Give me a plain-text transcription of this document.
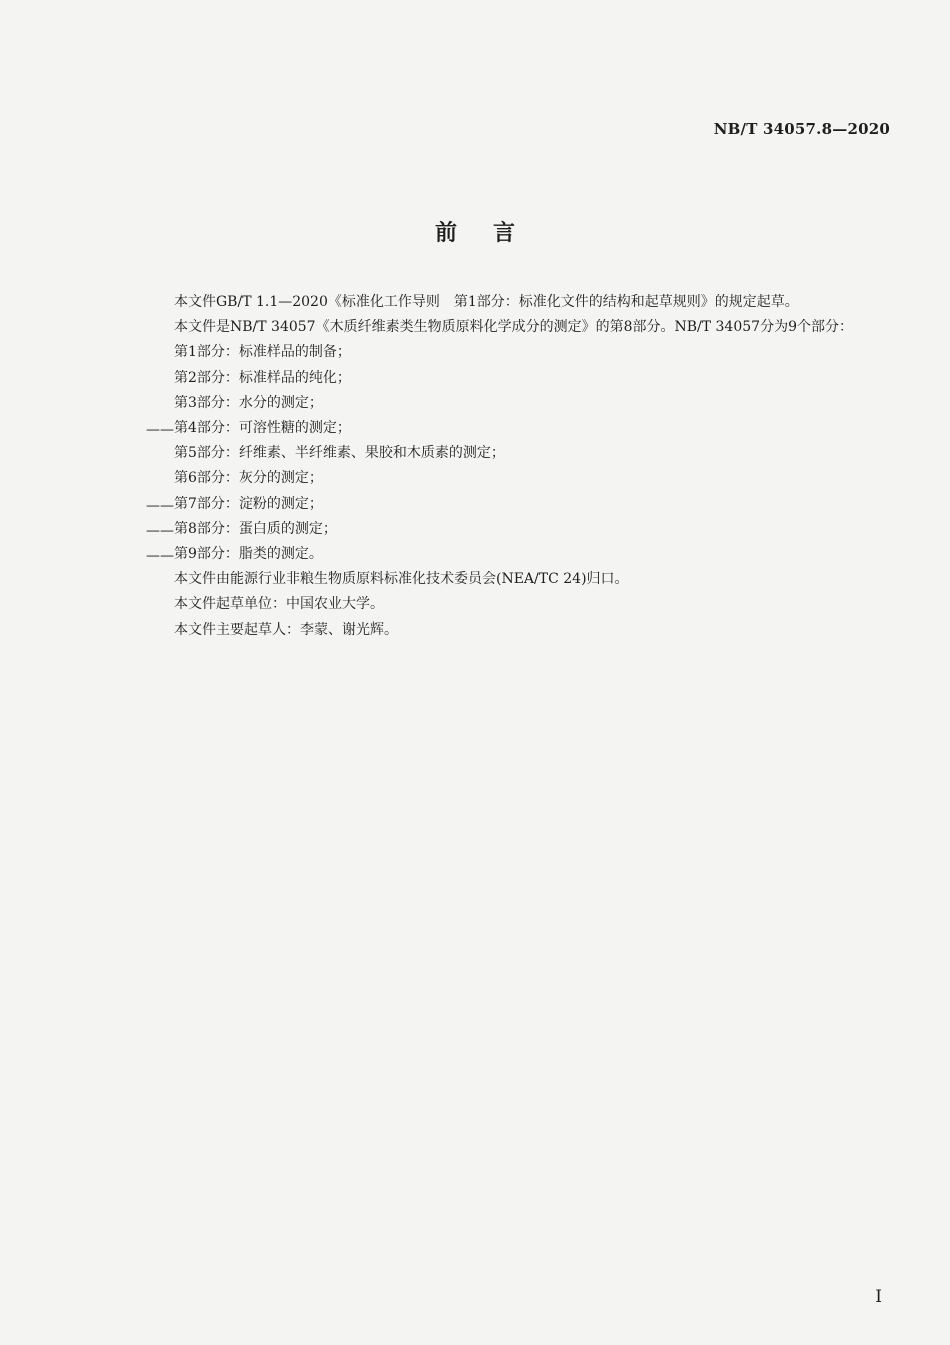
NB/T 34057.8—2020
前言

本文件GB/T 1.1—2020《标准化工作导则　第1部分：标准化文件的结构和起草规则》的规定起草。

本文件是NB/T 34057《木质纤维素类生物质原料化学成分的测定》的第8部分。NB/T 34057分为9个部分：

第1部分：标准样品的制备；
第2部分：标准样品的纯化；
第3部分：水分的测定；
—— 第4部分：可溶性糖的测定；
第5部分：纤维素、半纤维素、果胶和木质素的测定；
第6部分：灰分的测定；
—— 第7部分：淀粉的测定；
—— 第8部分：蛋白质的测定；
—— 第9部分：脂类的测定。

本文件由能源行业非粮生物质原料标准化技术委员会(NEA/TC 24)归口。

本文件起草单位：中国农业大学。

本文件主要起草人：李蒙、谢光辉。

I
